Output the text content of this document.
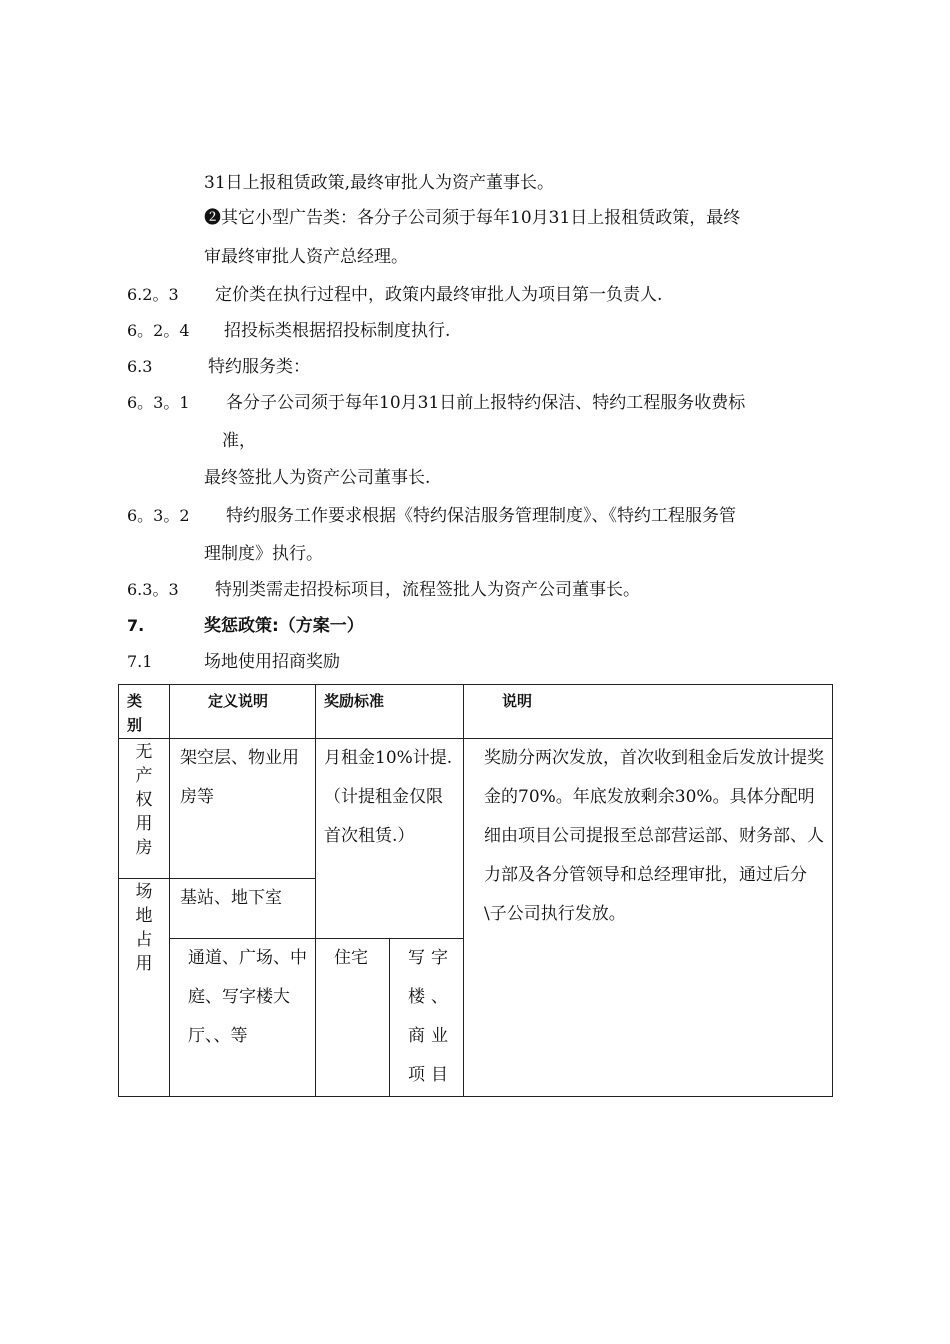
31日上报租赁政策,最终审批人为资产董事长。
❷其它小型广告类：各分子公司须于每年10月31日上报租赁政策，最终
审最终审批人资产总经理。
6.2。3 定价类在执行过程中，政策内最终审批人为项目第一负责人.
6。2。4 招投标类根据招投标制度执行.
6.3	特约服务类：
6。3。1 各分子公司须于每年10月31日前上报特约保洁、特约工程服务收费标
准，
最终签批人为资产公司董事长.
6。3。2 特约服务工作要求根据《特约保洁服务管理制度》、《特约工程服务管
理制度》执行。
6.3。3 特别类需走招投标项目，流程签批人为资产公司董事长。
7.	奖惩政策:（方案一）
7.1	场地使用招商奖励
类别	定义说明	奖励标准		说明

无产权用房	架空层、物业用房等	月租金10%计提.（计提租金仅限首次租赁.）		奖励分两次发放，首次收到租金后发放计提奖金的70%。年底发放剩余30%。具体分配明细由项目公司提报至总部营运部、财务部、人力部及各分管领导和总经理审批，通过后分\子公司执行发放。

场地占用	基站、地下室			

	通道、广场、中庭、写字楼大厅、、等	住宅	写字楼、商业项目	
